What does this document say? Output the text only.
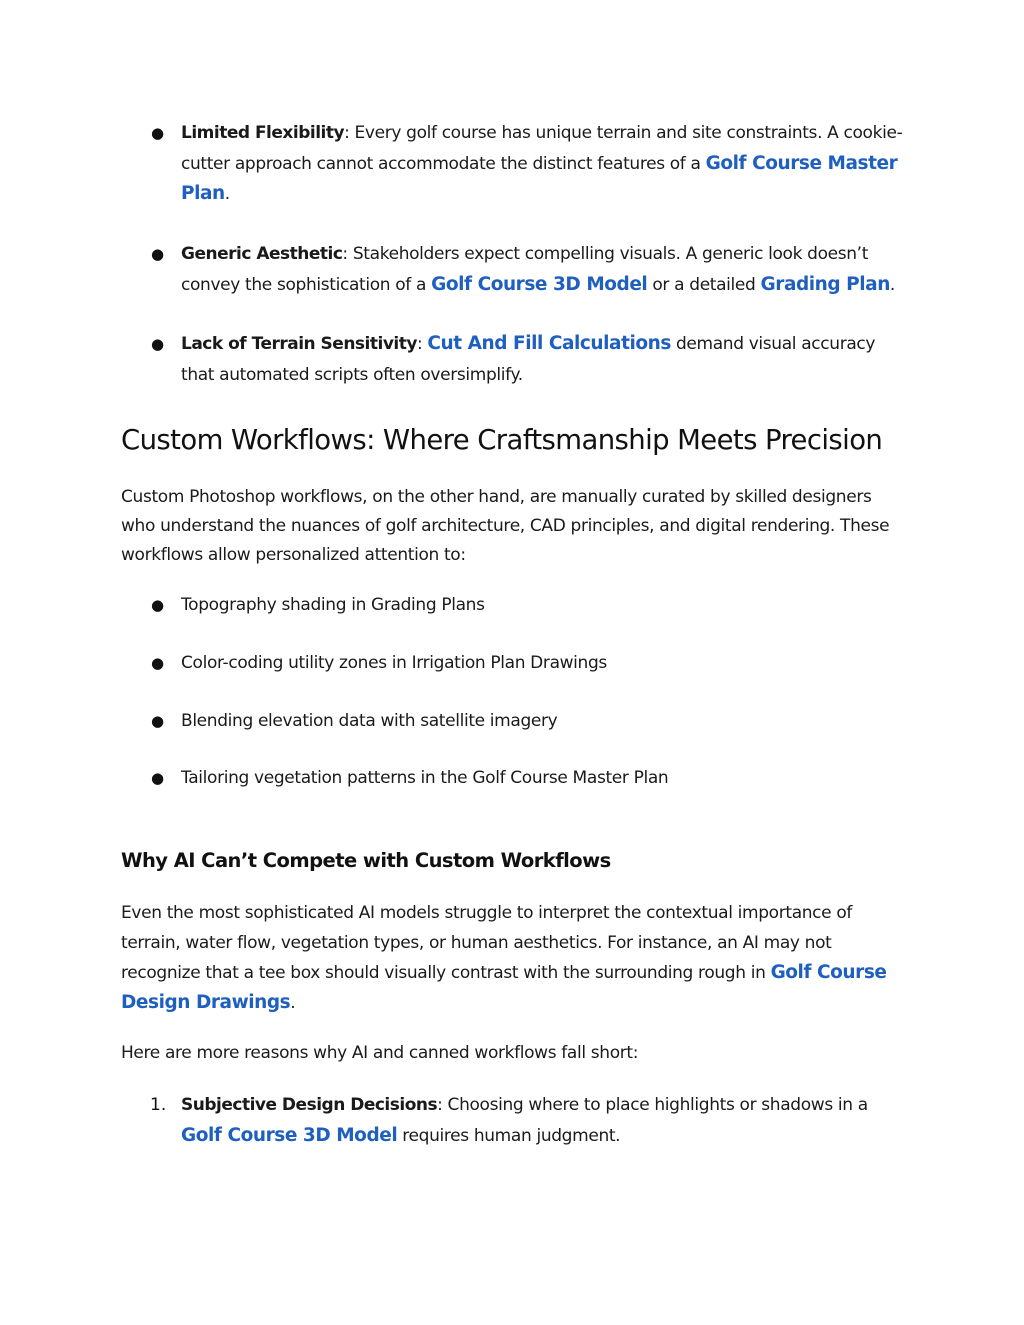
● Limited Flexibility: Every golf course has unique terrain and site constraints. A cookie-cutter approach cannot accommodate the distinct features of a Golf Course Master Plan.

● Generic Aesthetic: Stakeholders expect compelling visuals. A generic look doesn’t convey the sophistication of a Golf Course 3D Model or a detailed Grading Plan.

● Lack of Terrain Sensitivity: Cut And Fill Calculations demand visual accuracy that automated scripts often oversimplify.

Custom Workflows: Where Craftsmanship Meets Precision

Custom Photoshop workflows, on the other hand, are manually curated by skilled designers who understand the nuances of golf architecture, CAD principles, and digital rendering. These workflows allow personalized attention to:

● Topography shading in Grading Plans

● Color-coding utility zones in Irrigation Plan Drawings

● Blending elevation data with satellite imagery

● Tailoring vegetation patterns in the Golf Course Master Plan

Why AI Can’t Compete with Custom Workflows

Even the most sophisticated AI models struggle to interpret the contextual importance of terrain, water flow, vegetation types, or human aesthetics. For instance, an AI may not recognize that a tee box should visually contrast with the surrounding rough in Golf Course Design Drawings.

Here are more reasons why AI and canned workflows fall short:

1. Subjective Design Decisions: Choosing where to place highlights or shadows in a Golf Course 3D Model requires human judgment.
